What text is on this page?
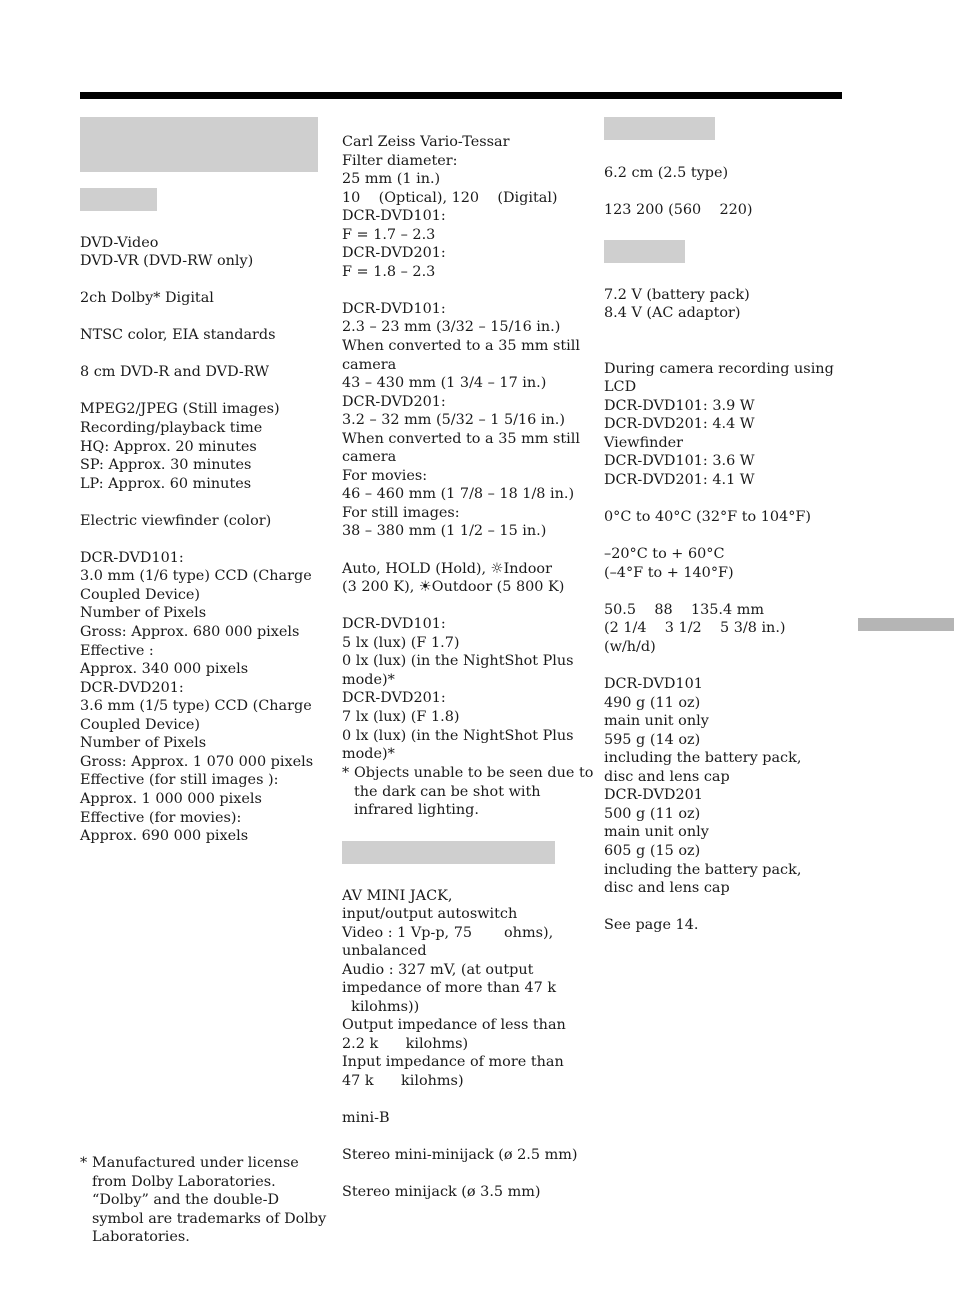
DVD-Video
DVD-VR (DVD-RW only)
2ch Dolby* Digital
NTSC color, EIA standards
8 cm DVD-R and DVD-RW
MPEG2/JPEG (Still images)
Recording/playback time
HQ: Approx. 20 minutes
SP: Approx. 30 minutes
LP: Approx. 60 minutes
Electric viewfinder (color)
DCR-DVD101:
3.0 mm (1/6 type) CCD (Charge
Coupled Device)
Number of Pixels
Gross: Approx. 680 000 pixels
Effective :
Approx. 340 000 pixels
DCR-DVD201:
3.6 mm (1/5 type) CCD (Charge
Coupled Device)
Number of Pixels
Gross: Approx. 1 070 000 pixels
Effective (for still images ):
Approx. 1 000 000 pixels
Effective (for movies):
Approx. 690 000 pixels
* Manufactured under license
from Dolby Laboratories.
“Dolby” and the double-D
symbol are trademarks of Dolby
Laboratories.
Carl Zeiss Vario-Tessar
Filter diameter:
25 mm (1 in.)
10    (Optical), 120    (Digital)
DCR-DVD101:
F = 1.7 – 2.3
DCR-DVD201:
F = 1.8 – 2.3
DCR-DVD101:
2.3 – 23 mm (3/32 – 15/16 in.)
When converted to a 35 mm still
camera
43 – 430 mm (1 3/4 – 17 in.)
DCR-DVD201:
3.2 – 32 mm (5/32 – 1 5/16 in.)
When converted to a 35 mm still
camera
For movies:
46 – 460 mm (1 7/8 – 18 1/8 in.)
For still images:
38 – 380 mm (1 1/2 – 15 in.)
Auto, HOLD (Hold), ☼Indoor
(3 200 K), ☀Outdoor (5 800 K)
DCR-DVD101:
5 lx (lux) (F 1.7)
0 lx (lux) (in the NightShot Plus
mode)*
DCR-DVD201:
7 lx (lux) (F 1.8)
0 lx (lux) (in the NightShot Plus
mode)*
* Objects unable to be seen due to
the dark can be shot with
infrared lighting.
AV MINI JACK,
input/output autoswitch
Video : 1 Vp-p, 75       ohms),
unbalanced
Audio : 327 mV, (at output
impedance of more than 47 k
kilohms))
Output impedance of less than
2.2 k      kilohms)
Input impedance of more than
47 k      kilohms)
mini-B
Stereo mini-minijack (ø 2.5 mm)
Stereo minijack (ø 3.5 mm)
6.2 cm (2.5 type)
123 200 (560    220)
7.2 V (battery pack)
8.4 V (AC adaptor)
During camera recording using
LCD
DCR-DVD101: 3.9 W
DCR-DVD201: 4.4 W
Viewfinder
DCR-DVD101: 3.6 W
DCR-DVD201: 4.1 W
0°C to 40°C (32°F to 104°F)
–20°C to + 60°C
(–4°F to + 140°F)
50.5    88    135.4 mm
(2 1/4    3 1/2    5 3/8 in.)
(w/h/d)
DCR-DVD101
490 g (11 oz)
main unit only
595 g (14 oz)
including the battery pack,
disc and lens cap
DCR-DVD201
500 g (11 oz)
main unit only
605 g (15 oz)
including the battery pack,
disc and lens cap
See page 14.
